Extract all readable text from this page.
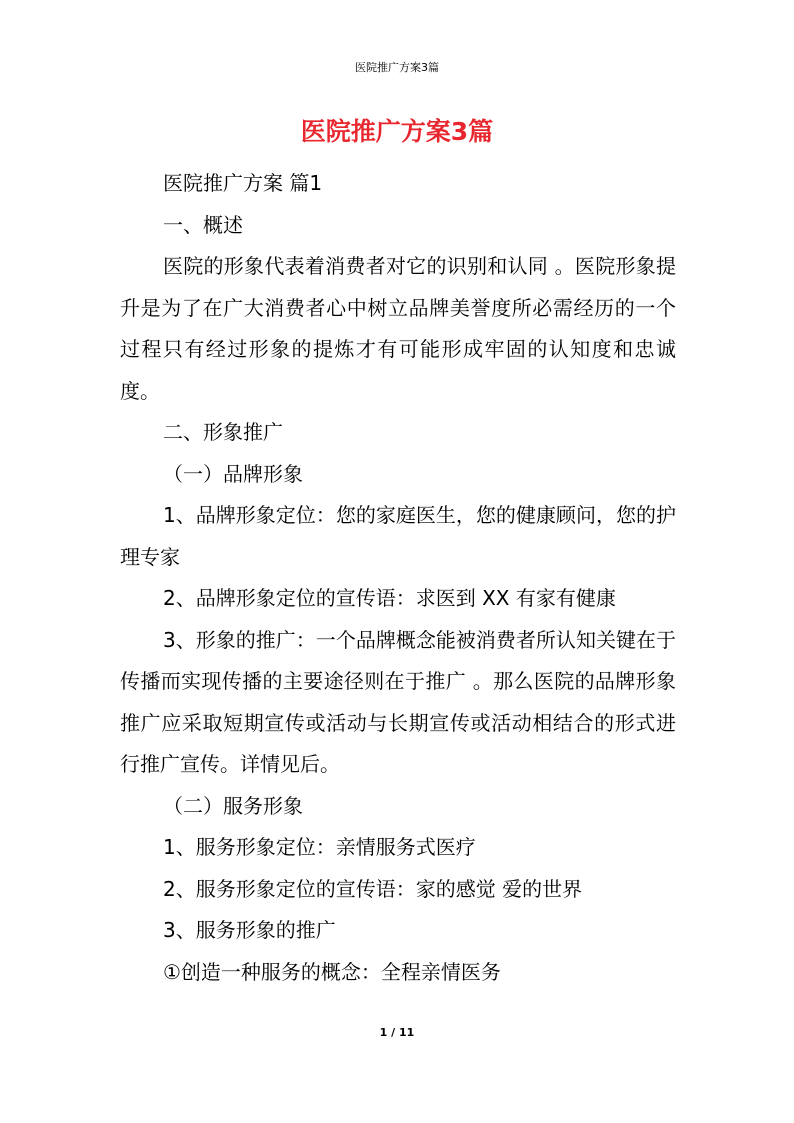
医院推广方案3篇
医院推广方案3篇

医院推广方案 篇1

一、概述

医院的形象代表着消费者对它的识别和认同 。医院形象提升是为了在广大消费者心中树立品牌美誉度所必需经历的一个过程只有经过形象的提炼才有可能形成牢固的认知度和忠诚度。

二、形象推广

（一）品牌形象

1、品牌形象定位：您的家庭医生，您的健康顾问，您的护理专家

2、品牌形象定位的宣传语：求医到 XX 有家有健康

3、形象的推广：一个品牌概念能被消费者所认知关键在于传播而实现传播的主要途径则在于推广 。那么医院的品牌形象推广应采取短期宣传或活动与长期宣传或活动相结合的形式进行推广宣传。详情见后。

（二）服务形象

1、服务形象定位：亲情服务式医疗

2、服务形象定位的宣传语：家的感觉 爱的世界

3、服务形象的推广

①创造一种服务的概念：全程亲情医务

1 / 11
